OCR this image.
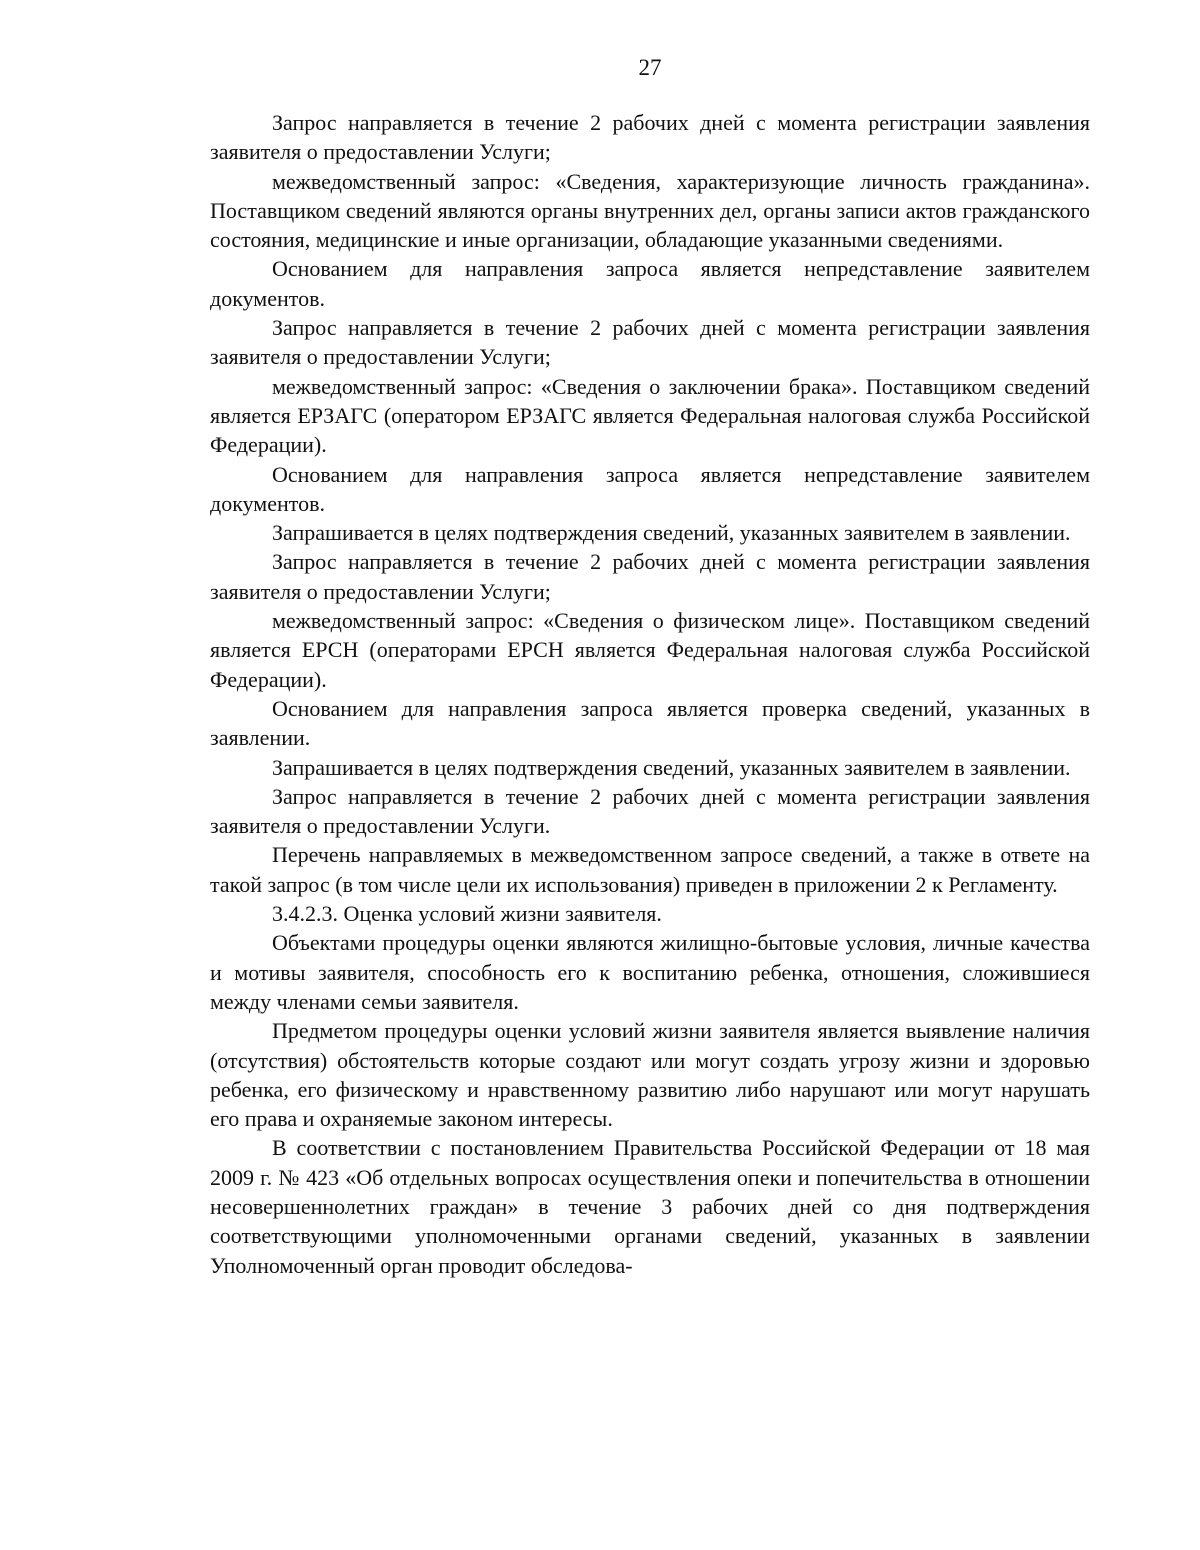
27

Запрос направляется в течение 2 рабочих дней с момента регистрации заявления заявителя о предоставлении Услуги;

межведомственный запрос: «Сведения, характеризующие личность гражданина». Поставщиком сведений являются органы внутренних дел, органы записи актов гражданского состояния, медицинские и иные организации, обладающие указанными сведениями.

Основанием для направления запроса является непредставление заявителем документов.

Запрос направляется в течение 2 рабочих дней с момента регистрации заявления заявителя о предоставлении Услуги;

межведомственный запрос: «Сведения о заключении брака». Поставщиком сведений является ЕРЗАГС (оператором ЕРЗАГС является Федеральная налоговая служба Российской Федерации).

Основанием для направления запроса является непредставление заявителем документов.

Запрашивается в целях подтверждения сведений, указанных заявителем в заявлении.

Запрос направляется в течение 2 рабочих дней с момента регистрации заявления заявителя о предоставлении Услуги;

межведомственный запрос: «Сведения о физическом лице». Поставщиком сведений является ЕРСН (операторами ЕРСН является Федеральная налоговая служба Российской Федерации).

Основанием для направления запроса является проверка сведений, указанных в заявлении.

Запрашивается в целях подтверждения сведений, указанных заявителем в заявлении.

Запрос направляется в течение 2 рабочих дней с момента регистрации заявления заявителя о предоставлении Услуги.

Перечень направляемых в межведомственном запросе сведений, а также в ответе на такой запрос (в том числе цели их использования) приведен в приложении 2 к Регламенту.

3.4.2.3. Оценка условий жизни заявителя.

Объектами процедуры оценки являются жилищно-бытовые условия, личные качества и мотивы заявителя, способность его к воспитанию ребенка, отношения, сложившиеся между членами семьи заявителя.

Предметом процедуры оценки условий жизни заявителя является выявление наличия (отсутствия) обстоятельств которые создают или могут создать угрозу жизни и здоровью ребенка, его физическому и нравственному развитию либо нарушают или могут нарушать его права и охраняемые законом интересы.

В соответствии с постановлением Правительства Российской Федерации от 18 мая 2009 г. № 423 «Об отдельных вопросах осуществления опеки и попечительства в отношении несовершеннолетних граждан» в течение 3 рабочих дней со дня подтверждения соответствующими уполномоченными органами сведений, указанных в заявлении Уполномоченный орган проводит обследова-
